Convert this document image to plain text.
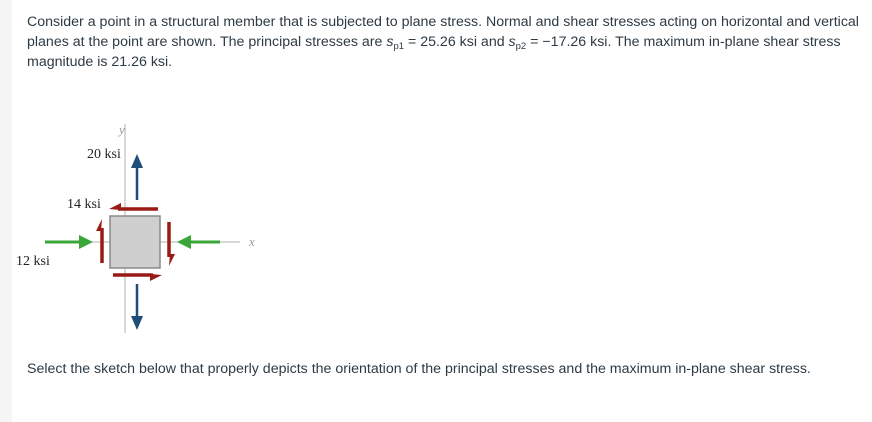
Consider a point in a structural member that is subjected to plane stress. Normal and shear stresses acting on horizontal and vertical planes at the point are shown. The principal stresses are $s_{p1} = 25.26$ ksi and $s_{p2} = -17.26$ ksi. The maximum in-plane shear stress magnitude is 21.26 ksi.

y
x
20 ksi
14 ksi
12 ksi

Select the sketch below that properly depicts the orientation of the principal stresses and the maximum in-plane shear stress.
